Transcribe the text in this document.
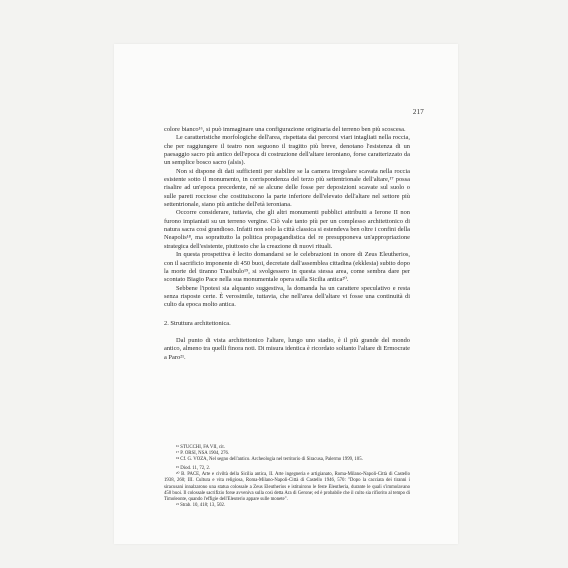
217

colore bianco¹⁶, si può immaginare una configurazione originaria del terreno ben più scoscesa.

Le caratteristiche morfologiche dell'area, rispettata dai percorsi viari intagliati nella roccia, che per raggiungere il teatro non seguono il tragitto più breve, denotano l'esistenza di un paesaggio sacro più antico dell'epoca di costruzione dell'altare ieroniano, forse caratterizzato da un semplice bosco sacro (alsis).

Non si dispone di dati sufficienti per stabilire se la camera irregolare scavata nella roccia esistente sotto il monumento, in corrispondenza del terzo più settentrionale dell'altare,¹⁷ possa risalire ad un'epoca precedente, né se alcune delle fosse per deposizioni scavate sul suolo o sulle pareti rocciose che costituiscono la parte inferiore dell'elevato dell'altare nel settore più settentrionale, siano più antiche dell'età ieroniana.

Occorre considerare, tuttavia, che gli altri monumenti pubblici attribuiti a Ierone II non furono impiantati su un terreno vergine. Ciò vale tanto più per un complesso architettonico di natura sacra così grandioso. Infatti non solo la città classica si estendeva ben oltre i confini della Neapolis¹⁸, ma soprattutto la politica propagandistica del re presupponeva un'appropriazione strategica dell'esistente, piuttosto che la creazione di nuovi rituali.

In questa prospettiva è lecito domandarsi se le celebrazioni in onore di Zeus Eleutherios, con il sacrificio imponente di 450 buoi, decretate dall'assemblea cittadina (ekklesia) subito dopo la morte del tiranno Trasibulo¹⁹, si svolgessero in questa stessa area, come sembra dare per scontato Biagio Pace nella sua monumentale opera sulla Sicilia antica²⁰.

Sebbene l'ipotesi sia alquanto suggestiva, la domanda ha un carattere speculativo e resta senza risposte certe. È verosimile, tuttavia, che nell'area dell'altare vi fosse una continuità di culto da epoca molto antica.

2. Struttura architettonica.

Dal punto di vista architettonico l'altare, lungo uno stadio, è il più grande del mondo antico, almeno tra quelli finora noti. Di misura identica è ricordato soltanto l'altare di Ermocrate a Paro²¹.

¹⁶ STUCCHI, FA VII, cit.

¹⁷ P. ORSI, NSA 1904, 276.

¹⁸ Cf. G. VOZA, Nel segno dell'antico. Archeologia nel territorio di Siracusa, Palermo 1999, 105.

¹⁹ Diod. 11, 72, 2.

²⁰ B. PACE, Arte e civiltà della Sicilia antica, II. Arte ingegneria e artigianato, Roma-Milano-Napoli-Città di Castello 1938, 260; III. Cultura e vita religiosa, Roma-Milano-Napoli-Città di Castello 1946, 570: "Dopo la cacciata dei tiranni i siracusani innalzarono una statua colossale a Zeus Eleutherios e istituirono le feste Eleutheria, durante le quali s'immolavano 450 buoi. Il colossale sacrifizio forse avveniva sulla così detta Ara di Gerone; ed è probabile che il culto sia rifiorito al tempo di Timoleonte, quando l'effigie dell'Eleuterio appare sulle monete".

²¹ Strab. 10, 418; 13, 502.
